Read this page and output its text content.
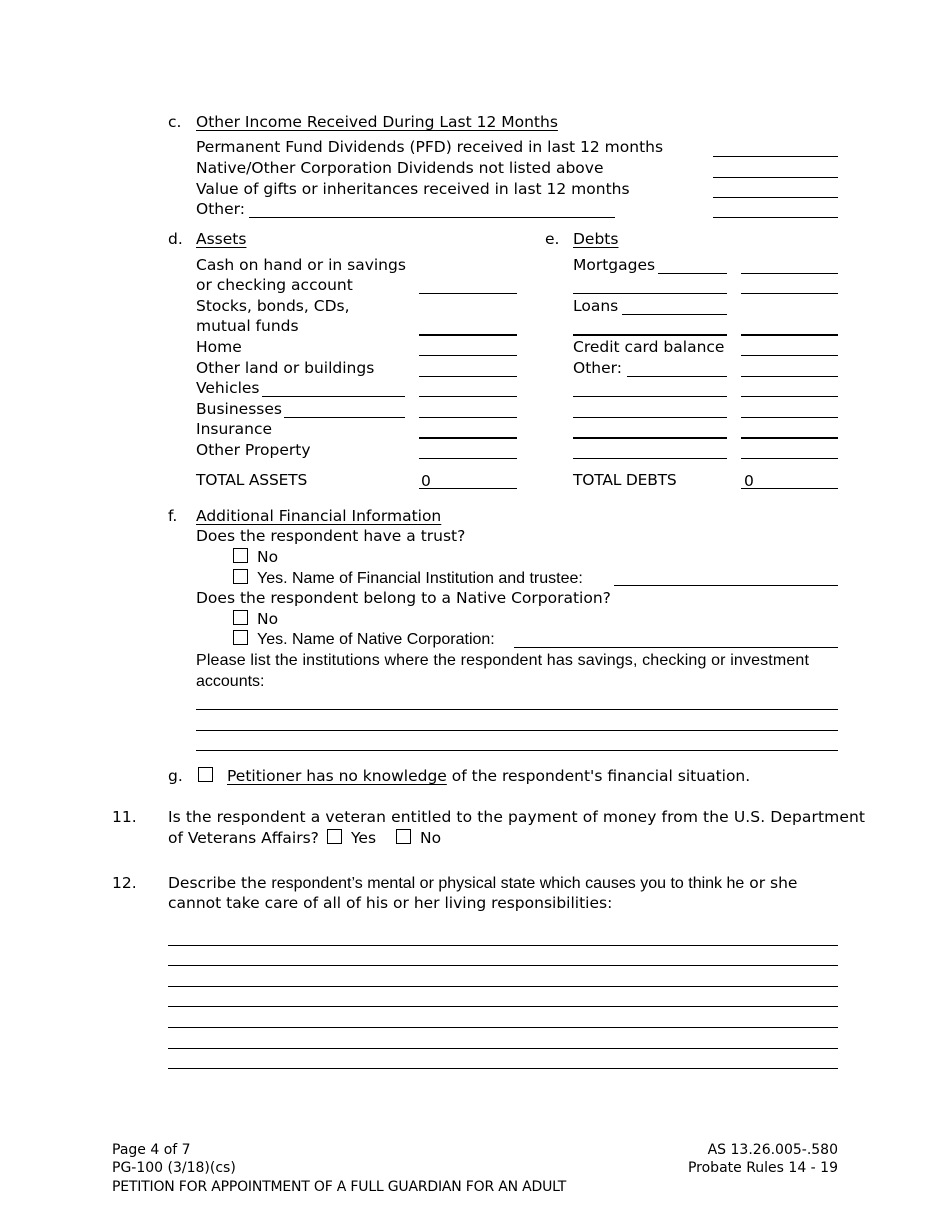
c. Other Income Received During Last 12 Months
Permanent Fund Dividends (PFD) received in last 12 months
Native/Other Corporation Dividends not listed above
Value of gifts or inheritances received in last 12 months
Other:
d. Assets
Cash on hand or in savings
or checking account
Stocks, bonds, CDs,
mutual funds
Home
Other land or buildings
Vehicles
Businesses
Insurance
Other Property
TOTAL ASSETS	0
e. Debts
Mortgages
Loans
Credit card balance
Other:
TOTAL DEBTS	0
f. Additional Financial Information
Does the respondent have a trust?
No
Yes. Name of Financial Institution and trustee:
Does the respondent belong to a Native Corporation?
No
Yes. Name of Native Corporation:
Please list the institutions where the respondent has savings, checking or investment
accounts:
g.	Petitioner has no knowledge of the respondent's financial situation.
11. Is the respondent a veteran entitled to the payment of money from the U.S. Department
of Veterans Affairs? Yes	No
12. Describe the respondent’s mental or physical state which causes you to think he or she
cannot take care of all of his or her living responsibilities:
Page 4 of 7
PG-100 (3/18)(cs)
PETITION FOR APPOINTMENT OF A FULL GUARDIAN FOR AN ADULT
AS 13.26.005-.580
Probate Rules 14 - 19
